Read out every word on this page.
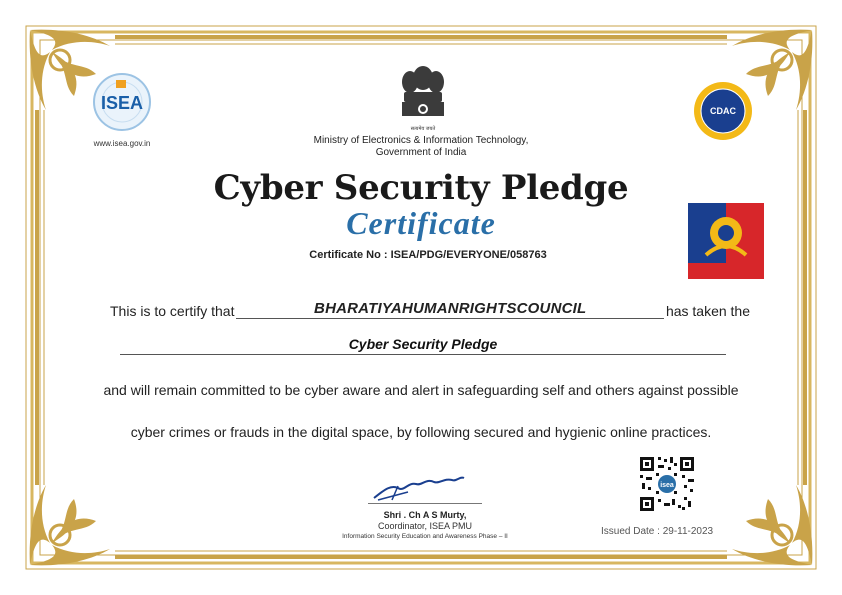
ISEA
www.isea.gov.in
सत्यमेव जयते
Ministry of Electronics & Information Technology,
Government of India
CDAC
Cyber Security Pledge
Certificate
Certificate No : ISEA/PDG/EVERYONE/058763
This is to certify that	BHARATIYAHUMANRIGHTSCOUNCIL	has taken the
Cyber Security Pledge
and will remain committed to be cyber aware and alert in safeguarding self and others against possible
cyber crimes or frauds in the digital space, by following secured and hygienic online practices.
Shri . Ch A S Murty,
Coordinator, ISEA PMU
Information Security Education and Awareness Phase – II
isea
Issued Date : 29-11-2023
